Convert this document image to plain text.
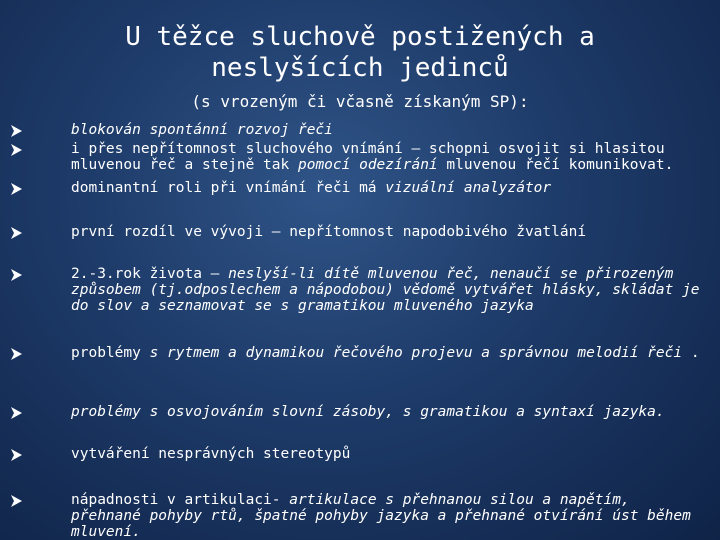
U těžce sluchově postižených a neslyšících jedinců
(s vrozeným či včasně získaným SP):
blokován spontánní rozvoj řeči
i přes nepřítomnost sluchového vnímání – schopni osvojit si hlasitou mluvenou řeč a stejně tak pomocí odezírání mluvenou řečí komunikovat.
dominantní roli při vnímání řeči má vizuální analyzátor
první rozdíl ve vývoji – nepřítomnost napodobivého žvatlání
2.-3.rok života – neslyší-li dítě mluvenou řeč, nenaučí se přirozeným způsobem (tj.odposlechem a nápodobou) vědomě vytvářet hlásky, skládat je do slov a seznamovat se s gramatikou mluveného jazyka
problémy s rytmem a dynamikou řečového projevu a správnou melodií řeči .
problémy s osvojováním slovní zásoby, s gramatikou a syntaxí jazyka.
vytváření nesprávných stereotypů
nápadnosti v artikulaci- artikulace s přehnanou silou a napětím, přehnané pohyby rtů, špatné pohyby jazyka a přehnané otvírání úst během mluvení.
